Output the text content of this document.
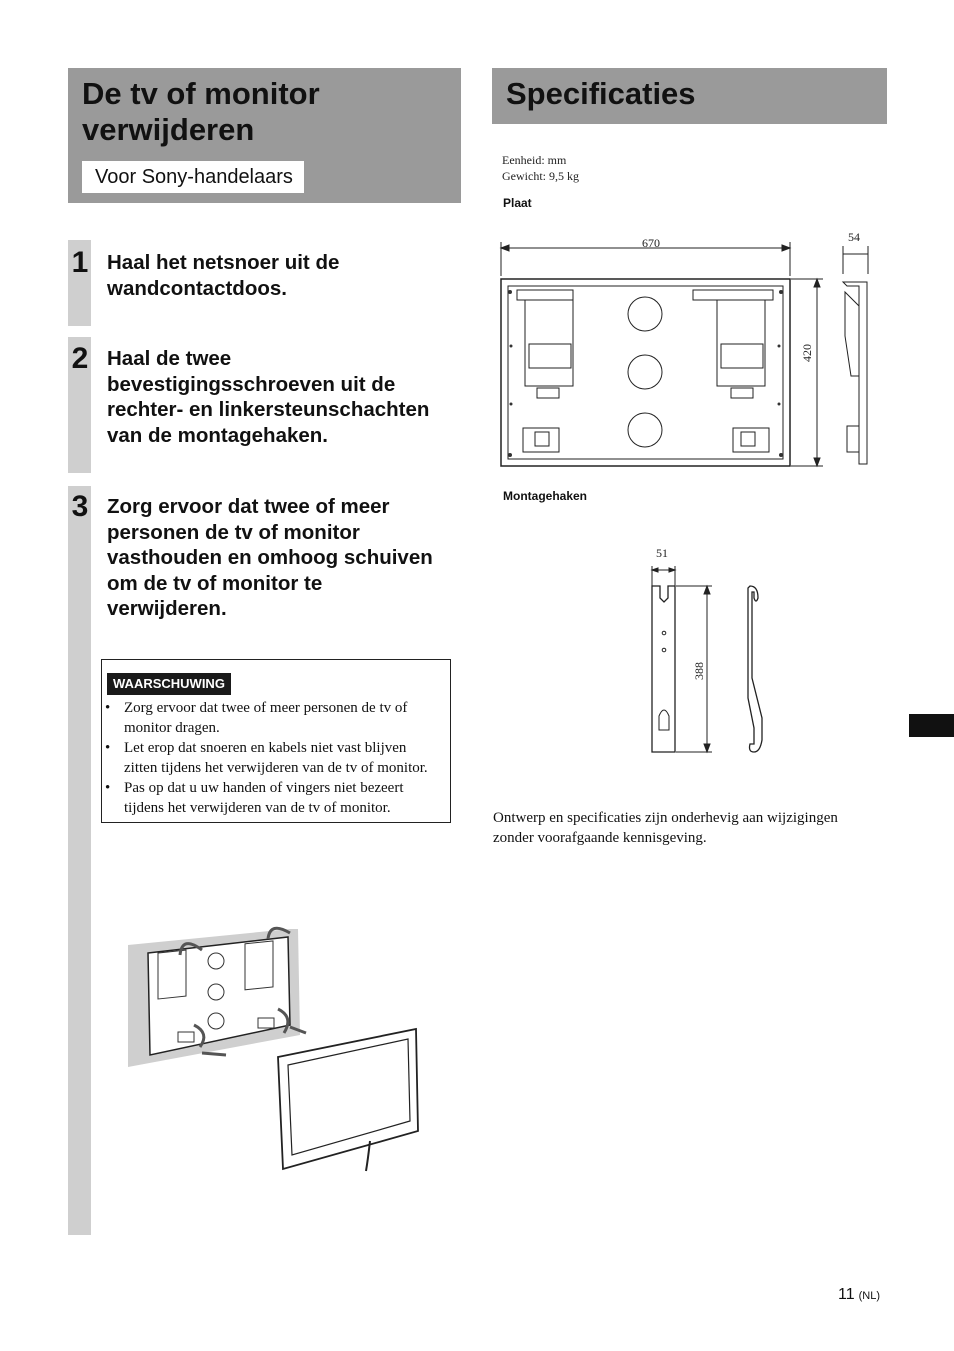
De tv of monitor
verwijderen
Voor Sony-handelaars
1 Haal het netsnoer uit de
wandcontactdoos.
2 Haal de twee
bevestigingsschroeven uit de
rechter- en linkersteunschachten
van de montagehaken.
3 Zorg ervoor dat twee of meer
personen de tv of monitor
vasthouden en omhoog schuiven
om de tv of monitor te
verwijderen.
WAARSCHUWING
• Zorg ervoor dat twee of meer personen de tv of
monitor dragen.
• Let erop dat snoeren en kabels niet vast blijven
zitten tijdens het verwijderen van de tv of monitor.
• Pas op dat u uw handen of vingers niet bezeert
tijdens het verwijderen van de tv of monitor.
Specificaties
Eenheid: mm
Gewicht: 9,5 kg
Plaat
670
420
54
Montagehaken
51
388
Ontwerp en specificaties zijn onderhevig aan wijzigingen
zonder voorafgaande kennisgeving.
11 (NL)
